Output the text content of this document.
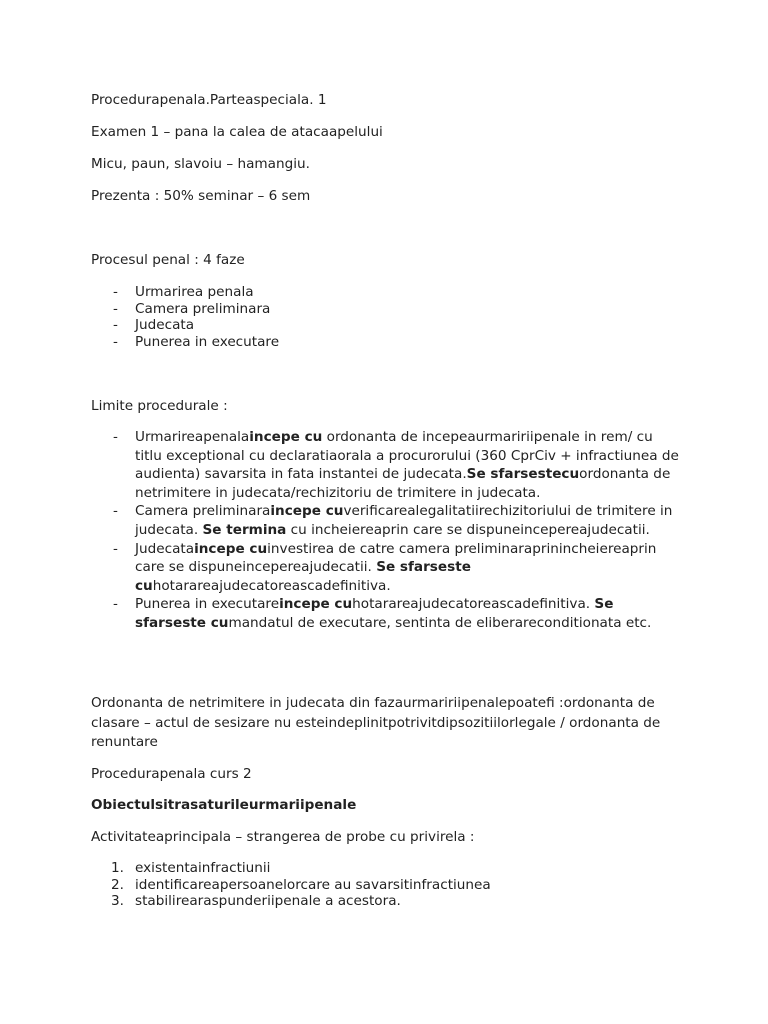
Procedurapenala.Parteaspeciala. 1
Examen 1 – pana la calea de atacaapelului
Micu, paun, slavoiu – hamangiu.
Prezenta : 50% seminar – 6 sem
Procesul penal : 4 faze
- Urmarirea penala
- Camera preliminara
- Judecata
- Punerea in executare
Limite procedurale :
- Urmarireapenalaincepe cu ordonanta de incepeaurmaririipenale in rem/ cu titlu exceptional cu declaratiaorala a procurorului (360 CprCiv + infractiunea de audienta) savarsita in fata instantei de judecata.Se sfarsestecuordonanta de netrimitere in judecata/rechizitoriu de trimitere in judecata.
- Camera preliminaraincepe cuverificarealegalitatiirechizitoriului de trimitere in judecata. Se termina cu incheiereaprin care se dispuneincepereajudecatii.
- Judecataincepe cuinvestirea de catre camera preliminaraprinincheiereaprin care se dispuneincepereajudecatii. Se sfarseste cuhotarareajudecatoreascadefinitiva.
- Punerea in executareincepe cuhotarareajudecatoreascadefinitiva. Se sfarseste cumandatul de executare, sentinta de eliberareconditionata etc.
Ordonanta de netrimitere in judecata din fazaurmaririipenalepoatefi :ordonanta de clasare – actul de sesizare nu esteindeplinitpotrivitdipsozitiilorlegale / ordonanta de renuntare
Procedurapenala curs 2
Obiectulsitrasaturileurmariipenale
Activitateaprincipala – strangerea de probe cu privirela :
1. existentainfractiunii
2. identificareapersoanelorcare au savarsitinfractiunea
3. stabilirearaspunderiipenale a acestora.
